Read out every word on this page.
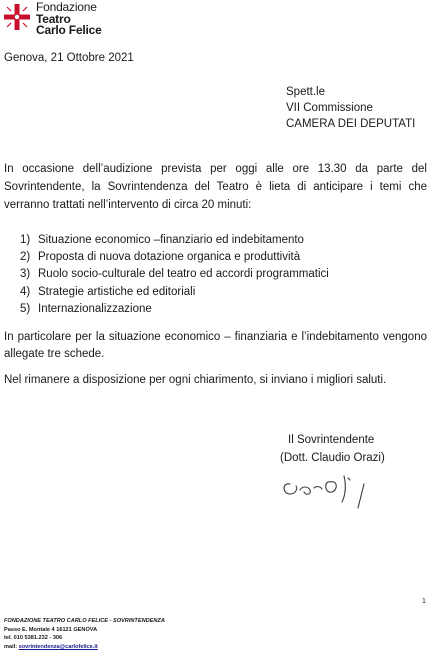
Fondazione
Teatro
Carlo Felice
Genova, 21 Ottobre 2021
Spett.le
VII Commissione
CAMERA DEI DEPUTATI
In occasione dell’audizione prevista per oggi alle ore 13.30 da parte del Sovrintendente, la Sovrintendenza del Teatro è lieta di anticipare i temi che verranno trattati nell’intervento di circa 20 minuti:
1) Situazione economico –finanziario ed indebitamento
2) Proposta di nuova dotazione organica e produttività
3) Ruolo socio-culturale del teatro ed accordi programmatici
4) Strategie artistiche ed editoriali
5) Internazionalizzazione
In particolare per la situazione economico – finanziaria e l’indebitamento vengono allegate tre schede.
Nel rimanere a disposizione per ogni chiarimento, si inviano i migliori saluti.
Il Sovrintendente
(Dott. Claudio Orazi)
1
FONDAZIONE TEATRO CARLO FELICE - SOVRINTENDENZA
Passo E. Montale 4 16121 GENOVA
tel. 010 5381.232 - 306
mail: sovrintendenza@carlofelice.it
